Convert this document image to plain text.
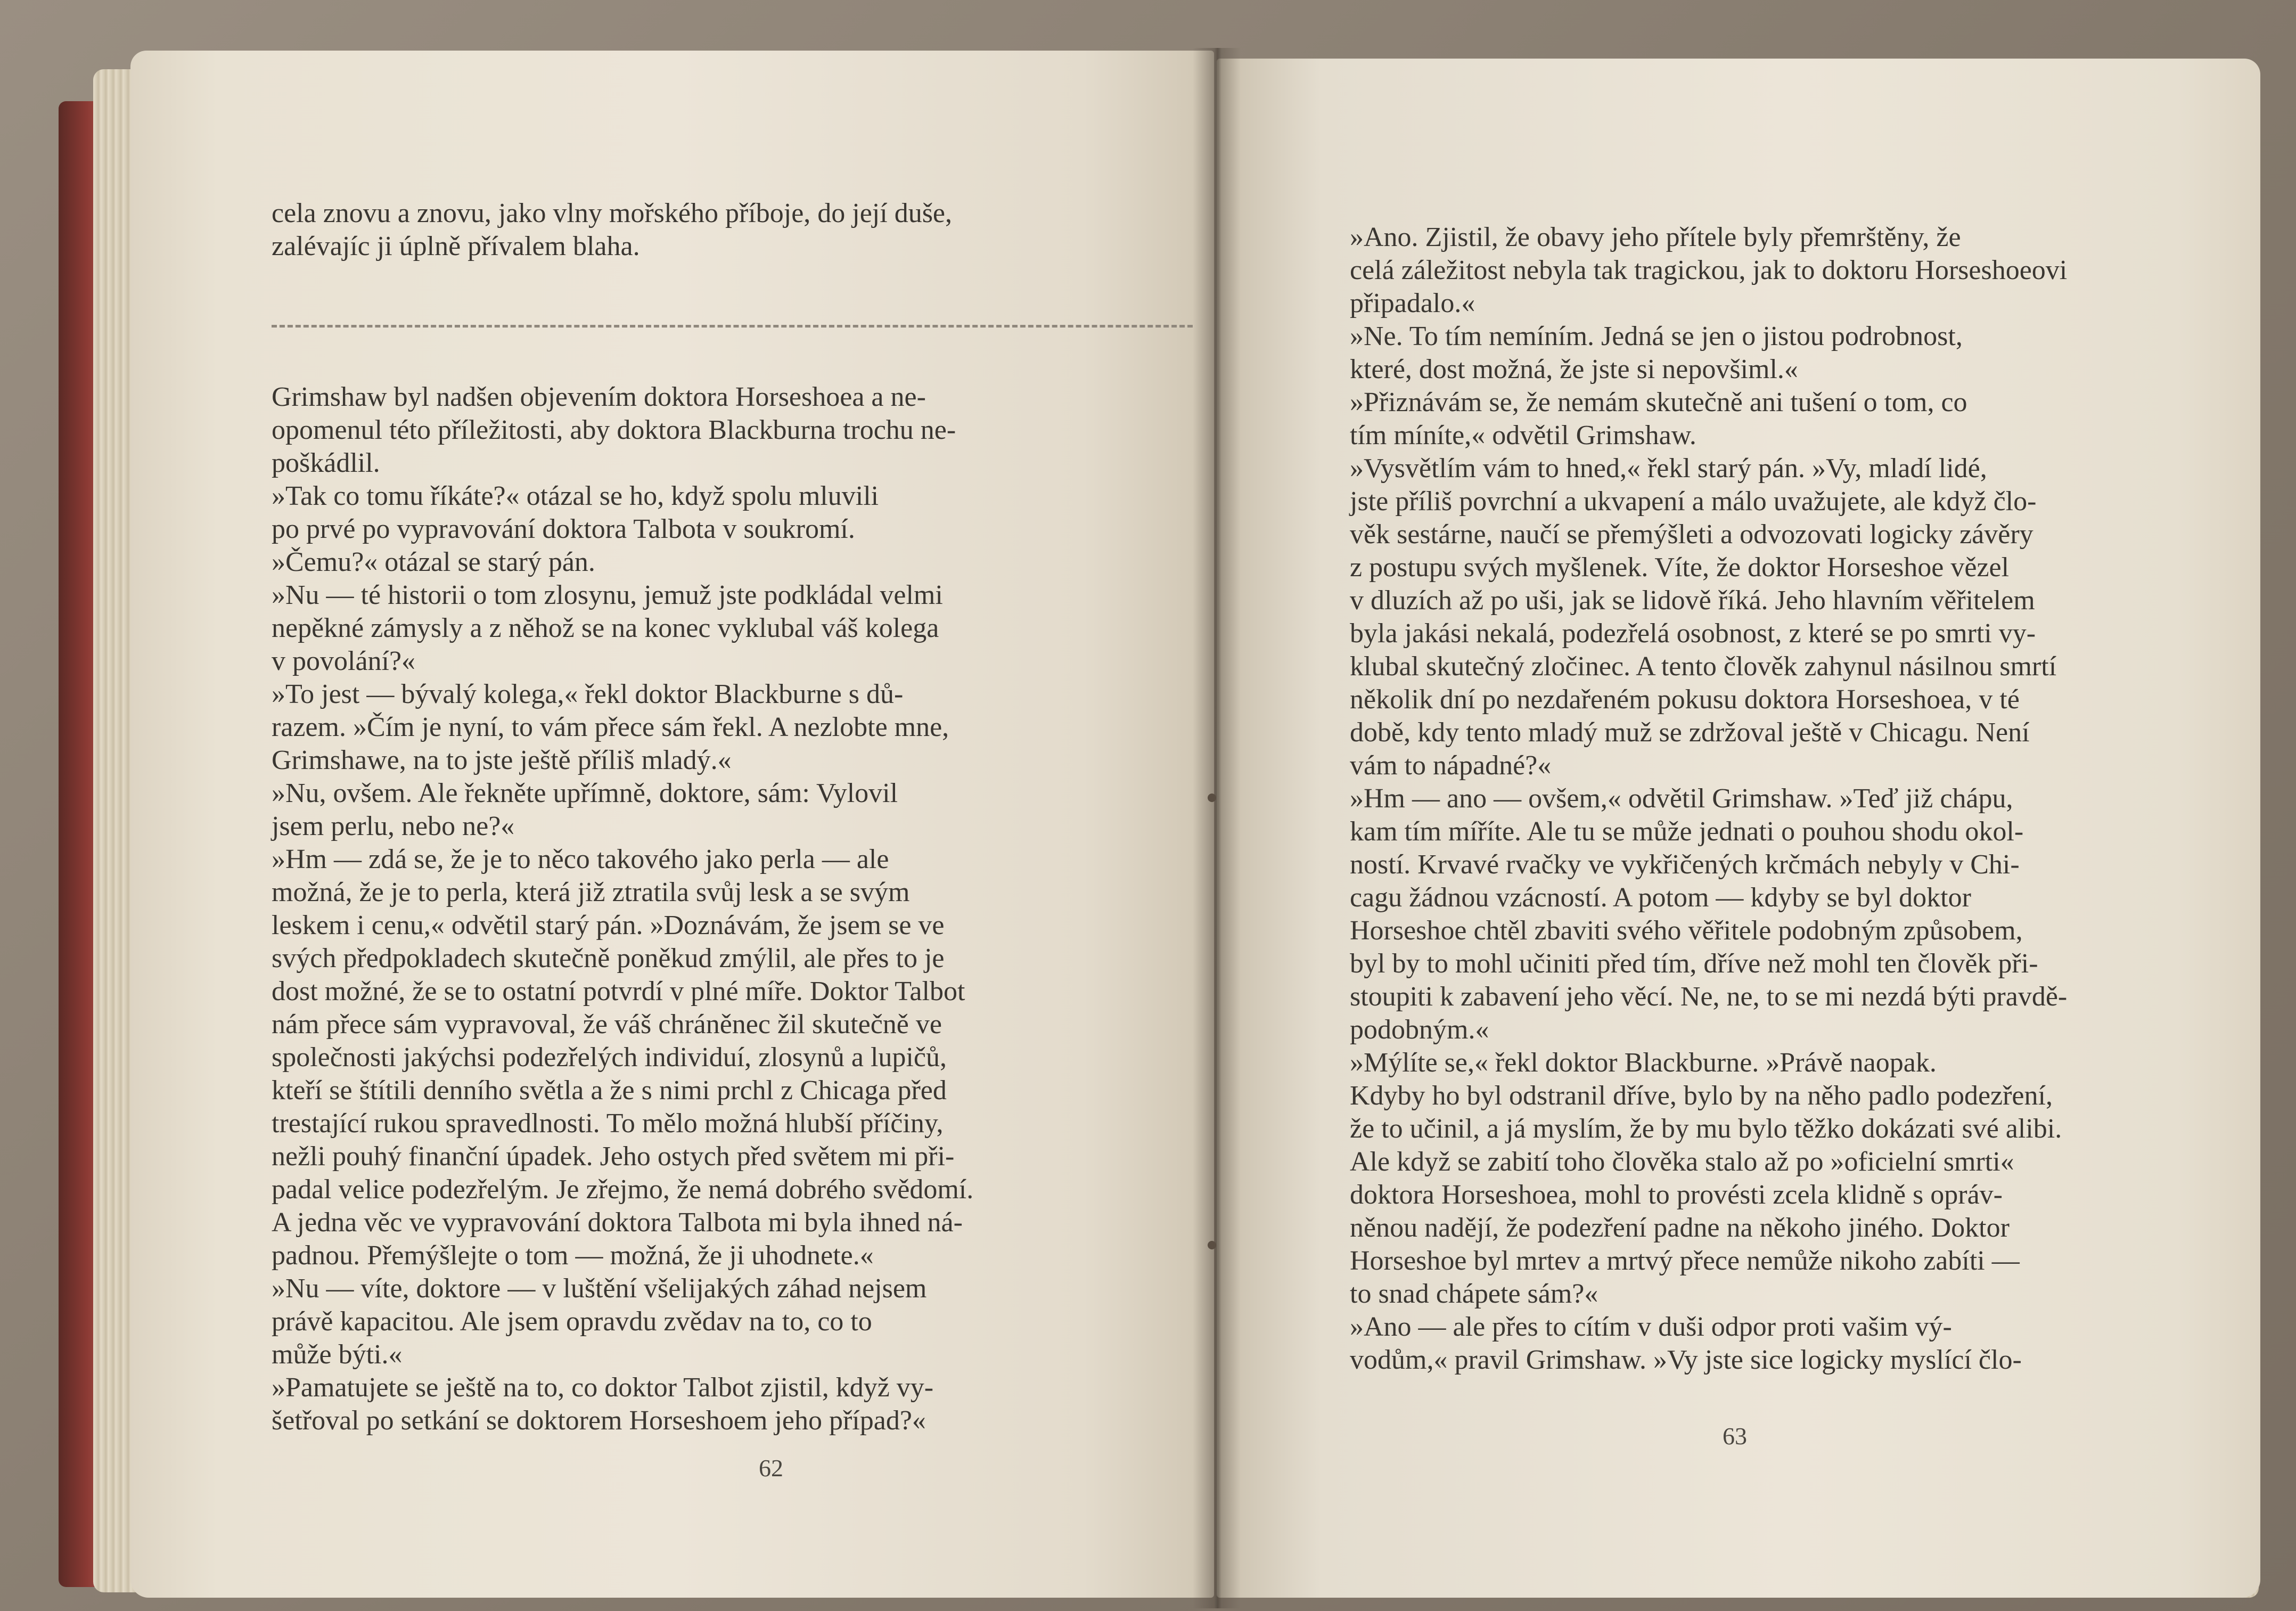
cela znovu a znovu, jako vlny mořského příboje, do její duše,
zalévajíc ji úplně přívalem blaha.
Grimshaw byl nadšen objevením doktora Horseshoea a ne-
opomenul této příležitosti, aby doktora Blackburna trochu ne-
poškádlil.
»Tak co tomu říkáte?« otázal se ho, když spolu mluvili
po prvé po vypravování doktora Talbota v soukromí.
»Čemu?« otázal se starý pán.
»Nu — té historii o tom zlosynu, jemuž jste podkládal velmi
nepěkné zámysly a z něhož se na konec vyklubal váš kolega
v povolání?«
»To jest — bývalý kolega,« řekl doktor Blackburne s dů-
razem. »Čím je nyní, to vám přece sám řekl. A nezlobte mne,
Grimshawe, na to jste ještě příliš mladý.«
»Nu, ovšem. Ale řekněte upřímně, doktore, sám: Vylovil
jsem perlu, nebo ne?«
»Hm — zdá se, že je to něco takového jako perla — ale
možná, že je to perla, která již ztratila svůj lesk a se svým
leskem i cenu,« odvětil starý pán. »Doznávám, že jsem se ve
svých předpokladech skutečně poněkud zmýlil, ale přes to je
dost možné, že se to ostatní potvrdí v plné míře. Doktor Talbot
nám přece sám vypravoval, že váš chráněnec žil skutečně ve
společnosti jakýchsi podezřelých individuí, zlosynů a lupičů,
kteří se štítili denního světla a že s nimi prchl z Chicaga před
trestající rukou spravedlnosti. To mělo možná hlubší příčiny,
nežli pouhý finanční úpadek. Jeho ostych před světem mi při-
padal velice podezřelým. Je zřejmo, že nemá dobrého svědomí.
A jedna věc ve vypravování doktora Talbota mi byla ihned ná-
padnou. Přemýšlejte o tom — možná, že ji uhodnete.«
»Nu — víte, doktore — v luštění všelijakých záhad nejsem
právě kapacitou. Ale jsem opravdu zvědav na to, co to
může býti.«
»Pamatujete se ještě na to, co doktor Talbot zjistil, když vy-
šetřoval po setkání se doktorem Horseshoem jeho případ?«
62
»Ano. Zjistil, že obavy jeho přítele byly přemrštěny, že
celá záležitost nebyla tak tragickou, jak to doktoru Horseshoeovi
připadalo.«
»Ne. To tím nemíním. Jedná se jen o jistou podrobnost,
které, dost možná, že jste si nepovšiml.«
»Přiznávám se, že nemám skutečně ani tušení o tom, co
tím míníte,« odvětil Grimshaw.
»Vysvětlím vám to hned,« řekl starý pán. »Vy, mladí lidé,
jste příliš povrchní a ukvapení a málo uvažujete, ale když člo-
věk sestárne, naučí se přemýšleti a odvozovati logicky závěry
z postupu svých myšlenek. Víte, že doktor Horseshoe vězel
v dluzích až po uši, jak se lidově říká. Jeho hlavním věřitelem
byla jakási nekalá, podezřelá osobnost, z které se po smrti vy-
klubal skutečný zločinec. A tento člověk zahynul násilnou smrtí
několik dní po nezdařeném pokusu doktora Horseshoea, v té
době, kdy tento mladý muž se zdržoval ještě v Chicagu. Není
vám to nápadné?«
»Hm — ano — ovšem,« odvětil Grimshaw. »Teď již chápu,
kam tím míříte. Ale tu se může jednati o pouhou shodu okol-
ností. Krvavé rvačky ve vykřičených krčmách nebyly v Chi-
cagu žádnou vzácností. A potom — kdyby se byl doktor
Horseshoe chtěl zbaviti svého věřitele podobným způsobem,
byl by to mohl učiniti před tím, dříve než mohl ten člověk při-
stoupiti k zabavení jeho věcí. Ne, ne, to se mi nezdá býti pravdě-
podobným.«
»Mýlíte se,« řekl doktor Blackburne. »Právě naopak.
Kdyby ho byl odstranil dříve, bylo by na něho padlo podezření,
že to učinil, a já myslím, že by mu bylo těžko dokázati své alibi.
Ale když se zabití toho člověka stalo až po »oficielní smrti«
doktora Horseshoea, mohl to provésti zcela klidně s opráv-
něnou nadějí, že podezření padne na někoho jiného. Doktor
Horseshoe byl mrtev a mrtvý přece nemůže nikoho zabíti —
to snad chápete sám?«
»Ano — ale přes to cítím v duši odpor proti vašim vý-
vodům,« pravil Grimshaw. »Vy jste sice logicky myslící člo-
63
